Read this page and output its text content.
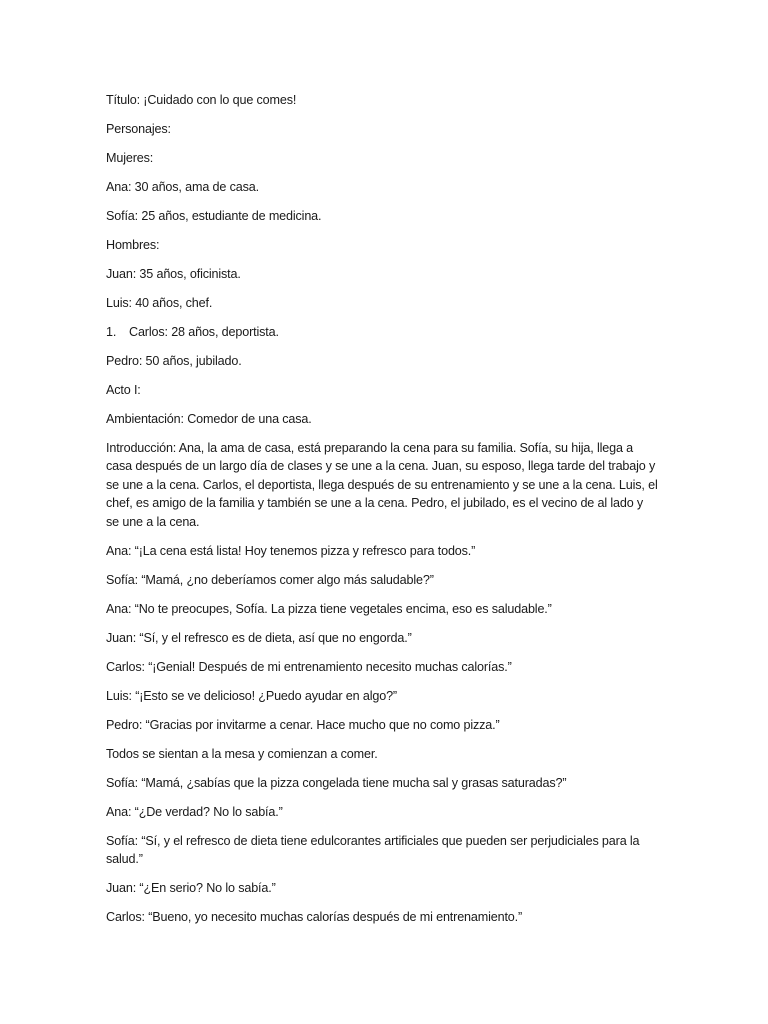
Título: ¡Cuidado con lo que comes!

Personajes:

Mujeres:

Ana: 30 años, ama de casa.

Sofía: 25 años, estudiante de medicina.

Hombres:

Juan: 35 años, oficinista.

Luis: 40 años, chef.

1.	Carlos: 28 años, deportista.

Pedro: 50 años, jubilado.

Acto I:

Ambientación: Comedor de una casa.

Introducción: Ana, la ama de casa, está preparando la cena para su familia. Sofía, su hija, llega a casa después de un largo día de clases y se une a la cena. Juan, su esposo, llega tarde del trabajo y se une a la cena. Carlos, el deportista, llega después de su entrenamiento y se une a la cena. Luis, el chef, es amigo de la familia y también se une a la cena. Pedro, el jubilado, es el vecino de al lado y se une a la cena.

Ana: “¡La cena está lista! Hoy tenemos pizza y refresco para todos.”

Sofía: “Mamá, ¿no deberíamos comer algo más saludable?”

Ana: “No te preocupes, Sofía. La pizza tiene vegetales encima, eso es saludable.”

Juan: “Sí, y el refresco es de dieta, así que no engorda.”

Carlos: “¡Genial! Después de mi entrenamiento necesito muchas calorías.”

Luis: “¡Esto se ve delicioso! ¿Puedo ayudar en algo?”

Pedro: “Gracias por invitarme a cenar. Hace mucho que no como pizza.”

Todos se sientan a la mesa y comienzan a comer.

Sofía: “Mamá, ¿sabías que la pizza congelada tiene mucha sal y grasas saturadas?”

Ana: “¿De verdad? No lo sabía.”

Sofía: “Sí, y el refresco de dieta tiene edulcorantes artificiales que pueden ser perjudiciales para la salud.”

Juan: “¿En serio? No lo sabía.”

Carlos: “Bueno, yo necesito muchas calorías después de mi entrenamiento.”
